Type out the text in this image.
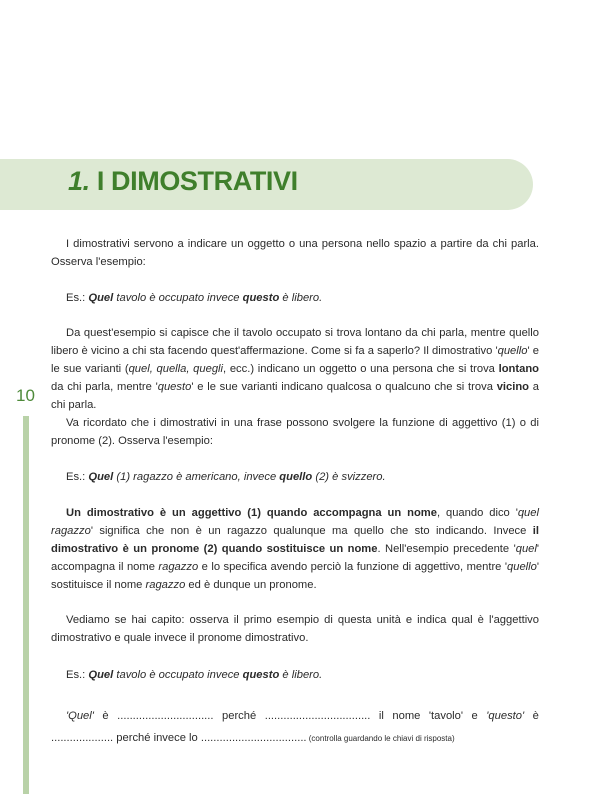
1. I DIMOSTRATIVI
10

I dimostrativi servono a indicare un oggetto o una persona nello spazio a partire da chi parla. Osserva l'esempio:

Es.: Quel tavolo è occupato invece questo è libero.

Da quest'esempio si capisce che il tavolo occupato si trova lontano da chi parla, mentre quello libero è vicino a chi sta facendo quest'affermazione. Come si fa a saperlo? Il dimostrativo 'quello' e le sue varianti (quel, quella, quegli, ecc.) indicano un oggetto o una persona che si trova lontano da chi parla, mentre 'questo' e le sue varianti indicano qualcosa o qualcuno che si trova vicino a chi parla.

Va ricordato che i dimostrativi in una frase possono svolgere la funzione di aggettivo (1) o di pronome (2). Osserva l'esempio:

Es.: Quel (1) ragazzo è americano, invece quello (2) è svizzero.

Un dimostrativo è un aggettivo (1) quando accompagna un nome, quando dico 'quel ragazzo' significa che non è un ragazzo qualunque ma quello che sto indicando. Invece il dimostrativo è un pronome (2) quando sostituisce un nome. Nell'esempio precedente 'quel' accompagna il nome ragazzo e lo specifica avendo perciò la funzione di aggettivo, mentre 'quello' sostituisce il nome ragazzo ed è dunque un pronome.

Vediamo se hai capito: osserva il primo esempio di questa unità e indica qual è l'aggettivo dimostrativo e quale invece il pronome dimostrativo.

Es.: Quel tavolo è occupato invece questo è libero.

'Quel' è ............................... perché .................................. il nome 'tavolo' e 'questo' è

.................... perché invece lo .................................. (controlla guardando le chiavi di risposta)
